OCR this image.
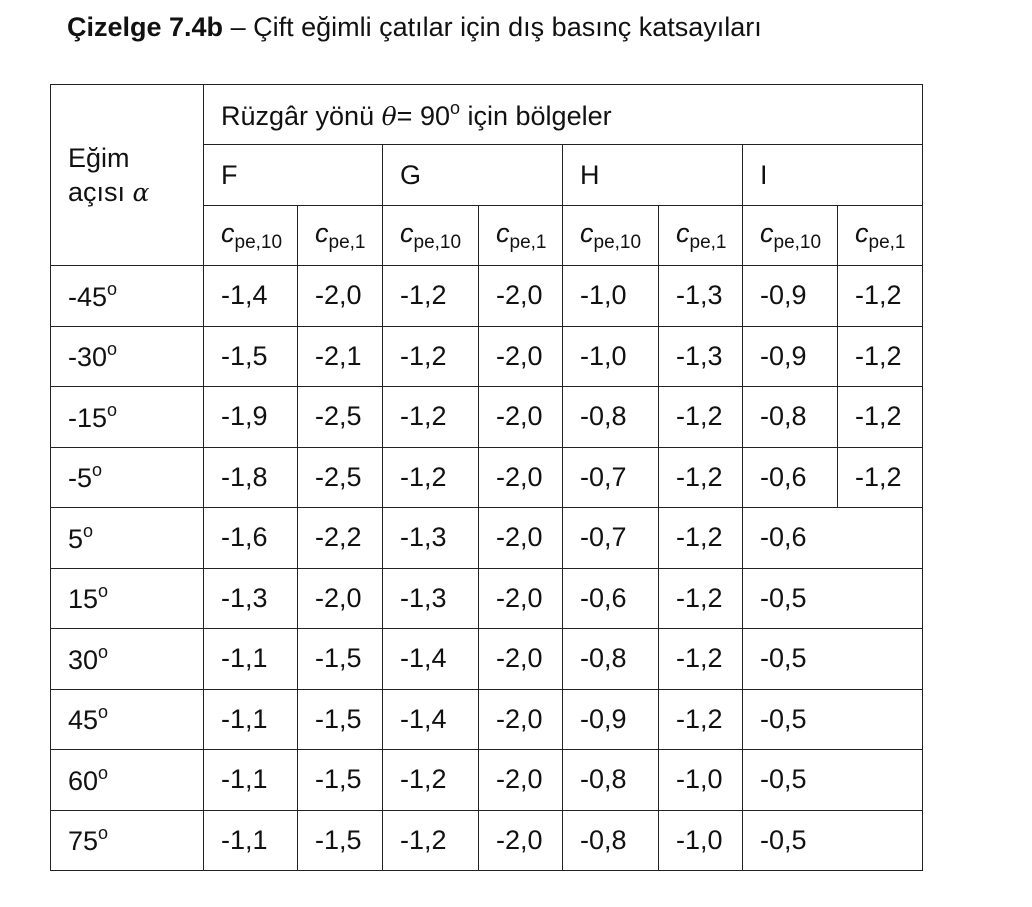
Çizelge 7.4b – Çift eğimli çatılar için dış basınç katsayıları
Eğim
açısı α	Rüzgâr yönü $\theta= 90^o$ için bölgeler							
	F		G		H		I	
	$c_{pe,10}$	$c_{pe,1}$	$c_{pe,10}$	$c_{pe,1}$	$c_{pe,10}$	$c_{pe,1}$	$c_{pe,10}$	$c_{pe,1}$
-45$^o$	-1,4	-2,0	-1,2	-2,0	-1,0	-1,3	-0,9	-1,2
-30$^o$	-1,5	-2,1	-1,2	-2,0	-1,0	-1,3	-0,9	-1,2
-15$^o$	-1,9	-2,5	-1,2	-2,0	-0,8	-1,2	-0,8	-1,2
-5$^o$	-1,8	-2,5	-1,2	-2,0	-0,7	-1,2	-0,6	-1,2
5$^o$	-1,6	-2,2	-1,3	-2,0	-0,7	-1,2	-0,6	
15$^o$	-1,3	-2,0	-1,3	-2,0	-0,6	-1,2	-0,5	
30$^o$	-1,1	-1,5	-1,4	-2,0	-0,8	-1,2	-0,5	
45$^o$	-1,1	-1,5	-1,4	-2,0	-0,9	-1,2	-0,5	
60$^o$	-1,1	-1,5	-1,2	-2,0	-0,8	-1,0	-0,5	
75$^o$	-1,1	-1,5	-1,2	-2,0	-0,8	-1,0	-0,5	
